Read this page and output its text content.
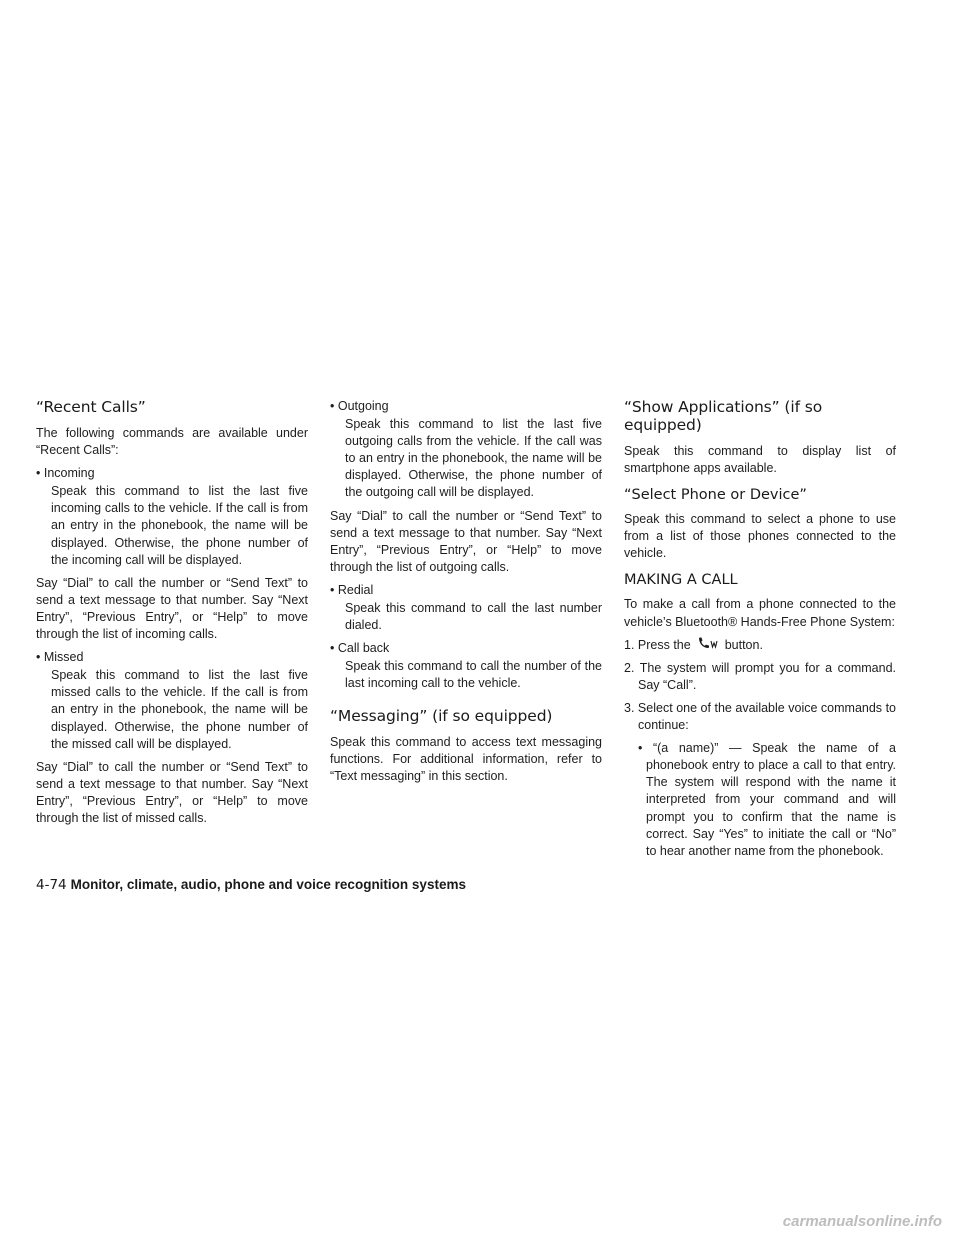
“Recent Calls”

The following commands are available under “Recent Calls”:

• Incoming

Speak this command to list the last five incoming calls to the vehicle. If the call is from an entry in the phonebook, the name will be displayed. Otherwise, the phone number of the incoming call will be displayed.

Say “Dial” to call the number or “Send Text” to send a text message to that number. Say “Next Entry”, “Previous Entry”, or “Help” to move through the list of incoming calls.

• Missed

Speak this command to list the last five missed calls to the vehicle. If the call is from an entry in the phonebook, the name will be displayed. Otherwise, the phone number of the missed call will be displayed.

Say “Dial” to call the number or “Send Text” to send a text message to that number. Say “Next Entry”, “Previous Entry”, or “Help” to move through the list of missed calls.

• Outgoing

Speak this command to list the last five outgoing calls from the vehicle. If the call was to an entry in the phonebook, the name will be displayed. Otherwise, the phone number of the outgoing call will be displayed.

Say “Dial” to call the number or “Send Text” to send a text message to that number. Say “Next Entry”, “Previous Entry”, or “Help” to move through the list of outgoing calls.

• Redial

Speak this command to call the last number dialed.

• Call back

Speak this command to call the number of the last incoming call to the vehicle.

“Messaging” (if so equipped)

Speak this command to access text messaging functions. For additional information, refer to “Text messaging” in this section.

“Show Applications” (if so equipped)

Speak this command to display list of smartphone apps available.

“Select Phone or Device”

Speak this command to select a phone to use from a list of those phones connected to the vehicle.

MAKING A CALL

To make a call from a phone connected to the vehicle’s Bluetooth® Hands-Free Phone System:

1. Press the	button.

2. The system will prompt you for a command. Say “Call”.

3. Select one of the available voice commands to continue:

• “(a name)” — Speak the name of a phonebook entry to place a call to that entry. The system will respond with the name it interpreted from your command and will prompt you to confirm that the name is correct. Say “Yes” to initiate the call or “No” to hear another name from the phonebook.

4-74 Monitor, climate, audio, phone and voice recognition systems
carmanualsonline.info
